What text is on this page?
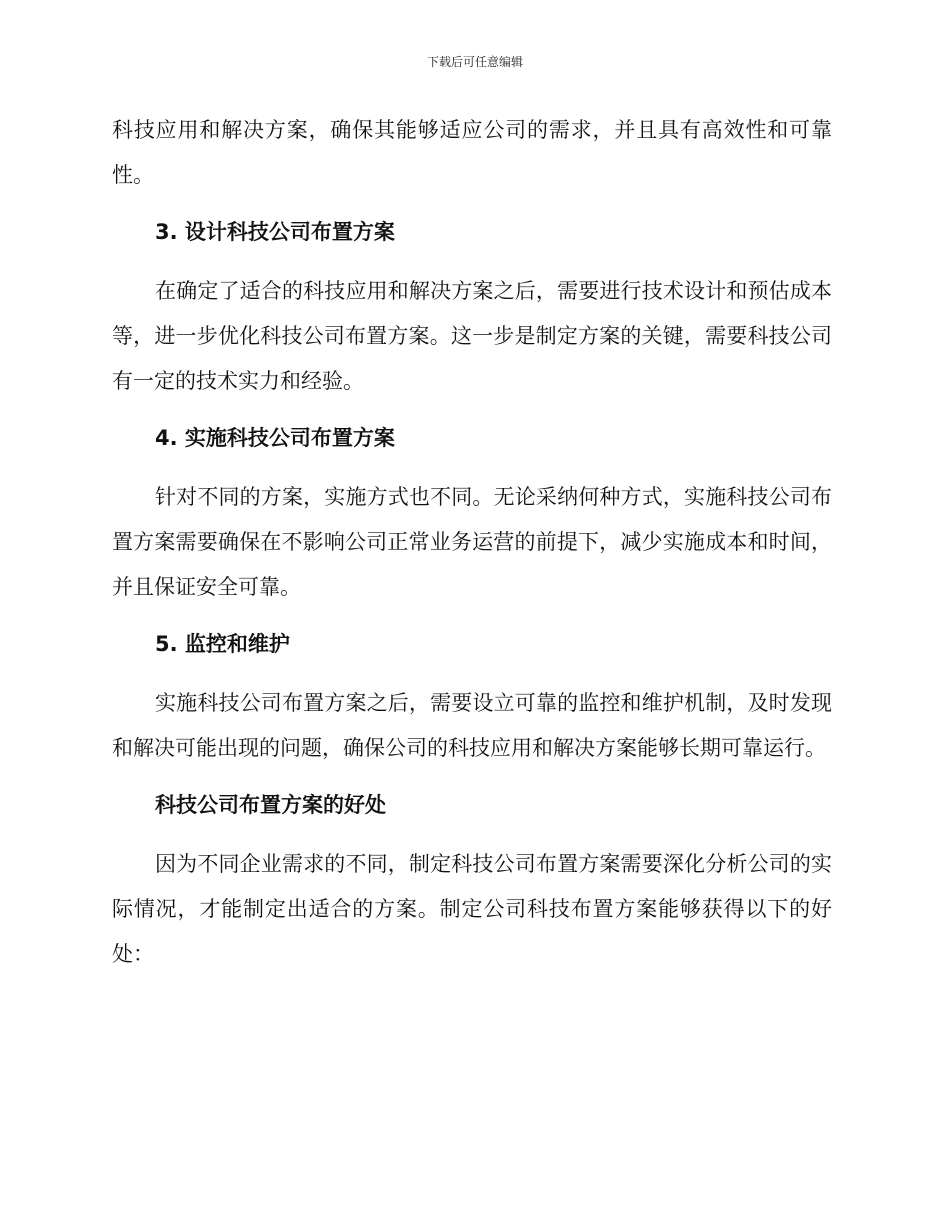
下载后可任意编辑

科技应用和解决方案，确保其能够适应公司的需求，并且具有高效性和可靠性。

3. 设计科技公司布置方案

在确定了适合的科技应用和解决方案之后，需要进行技术设计和预估成本等，进一步优化科技公司布置方案。这一步是制定方案的关键，需要科技公司有一定的技术实力和经验。

4. 实施科技公司布置方案

针对不同的方案，实施方式也不同。无论采纳何种方式，实施科技公司布置方案需要确保在不影响公司正常业务运营的前提下，减少实施成本和时间，并且保证安全可靠。

5. 监控和维护

实施科技公司布置方案之后，需要设立可靠的监控和维护机制，及时发现和解决可能出现的问题，确保公司的科技应用和解决方案能够长期可靠运行。

科技公司布置方案的好处

因为不同企业需求的不同，制定科技公司布置方案需要深化分析公司的实际情况，才能制定出适合的方案。制定公司科技布置方案能够获得以下的好处：
